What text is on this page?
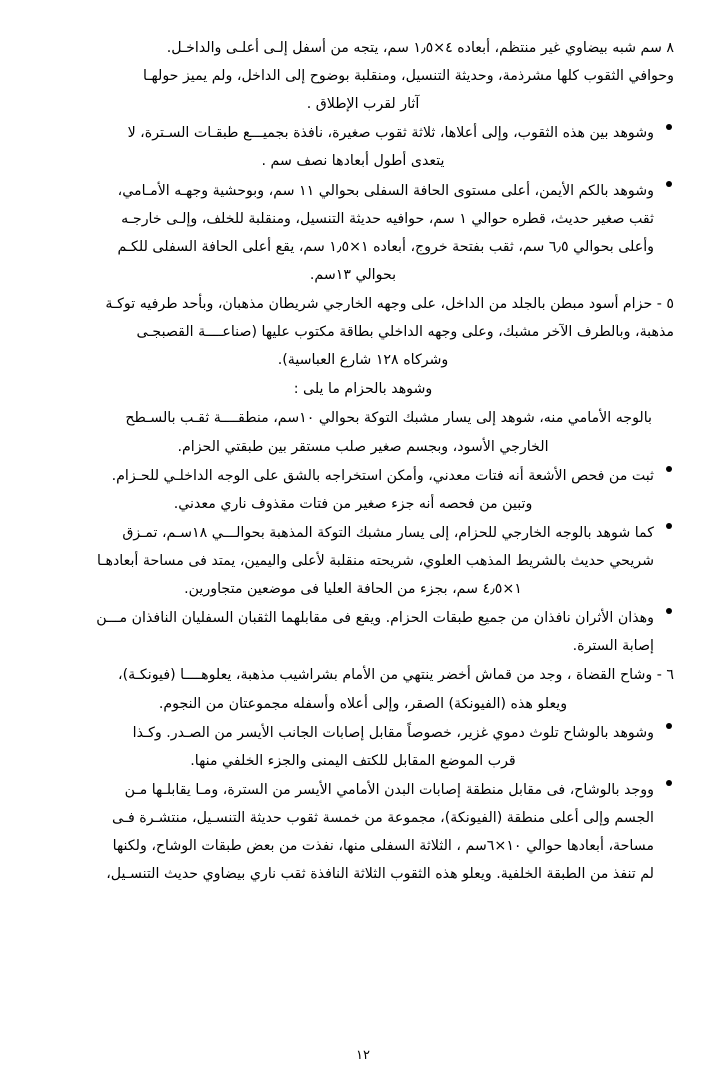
٨ سم شبه بيضاوي غير منتظم، أبعاده ٤×١٫٥ سم، يتجه من أسفل إلـى أعلـى والداخـل.
وحوافي الثقوب كلها مشرذمة، وحديثة التنسيل، ومنقلبة بوضوح إلى الداخل، ولم يميز حولهـا
آثار لقرب الإطلاق .
وشوهد بين هذه الثقوب، وإلى أعلاها، ثلاثة ثقوب صغيرة، نافذة بجميـــع طبقـات السـترة، لا
يتعدى أطول أبعادها نصف سم .
وشوهد بالكم الأيمن، أعلى مستوى الحافة السفلى بحوالي ١١ سم، وبوحشية وجهـه الأمـامي،
ثقب صغير حديث، قطره حوالي ١ سم، حوافيه حديثة التنسيل، ومنقلبة للخلف، وإلـى خارجـه
وأعلى بحوالي ٦٫٥ سم، ثقب بفتحة خروج، أبعاده ١×١٫٥ سم، يقع أعلى الحافة السفلى للكـم
بحوالي ١٣سم.
٥ - حزام أسود مبطن بالجلد من الداخل، على وجهه الخارجي شريطان مذهبان، وبأحد طرفيه توكـة
مذهبة، وبالطرف الآخر مشبك، وعلى وجهه الداخلي بطاقة مكتوب عليها (صناعــــة القصبجـى
وشركاه ١٢٨ شارع العباسية).
وشوهد بالحزام ما يلى :
بالوجه الأمامي منه، شوهد إلى يسار مشبك التوكة بحوالي ١٠سم، منطقــــة ثقـب بالسـطح
الخارجي الأسود، وبجسم صغير صلب مستقر بين طبقتي الحزام.
ثبت من فحص الأشعة أنه فتات معدني، وأمكن استخراجه بالشق على الوجه الداخلـي للحـزام.
وتبين من فحصه أنه جزء صغير من فتات مقذوف ناري معدني.
كما شوهد بالوجه الخارجي للحزام، إلى يسار مشبك التوكة المذهبة بحوالـــي ١٨سـم، تمـزق
شريحي حديث بالشريط المذهب العلوي، شريحته منقلبة لأعلى واليمين، يمتد فى مساحة أبعادهـا
١×٤٫٥ سم، بجزء من الحافة العليا فى موضعين متجاورين.
وهذان الأثران نافذان من جميع طبقات الحزام. ويقع فى مقابلهما الثقبان السفليان النافذان مـــن
إصابة السترة.
٦ - وشاح القضاة ، وجد من قماش أخضر ينتهي من الأمام بشراشيب مذهبة، يعلوهــــا (فيونكـة)،
ويعلو هذه (الفيونكة) الصقر، وإلى أعلاه وأسفله مجموعتان من النجوم.
وشوهد بالوشاح تلوث دموي غزير، خصوصاً مقابل إصابات الجانب الأيسر من الصـدر. وكـذا
قرب الموضع المقابل للكتف اليمنى والجزء الخلفي منها.
ووجد بالوشاح، فى مقابل منطقة إصابات البدن الأمامي الأيسر من السترة، ومـا يقابلـها مـن
الجسم وإلى أعلى منطقة (الفيونكة)، مجموعة من خمسة ثقوب حديثة التنسـيل، منتشـرة فـى
مساحة، أبعادها حوالي ١٠×٦سم ، الثلاثة السفلى منها، نفذت من بعض طبقات الوشاح، ولكنها
لم تنفذ من الطبقة الخلفية. ويعلو هذه الثقوب الثلاثة النافذة ثقب ناري بيضاوي حديث التنسـيل،
١٢
